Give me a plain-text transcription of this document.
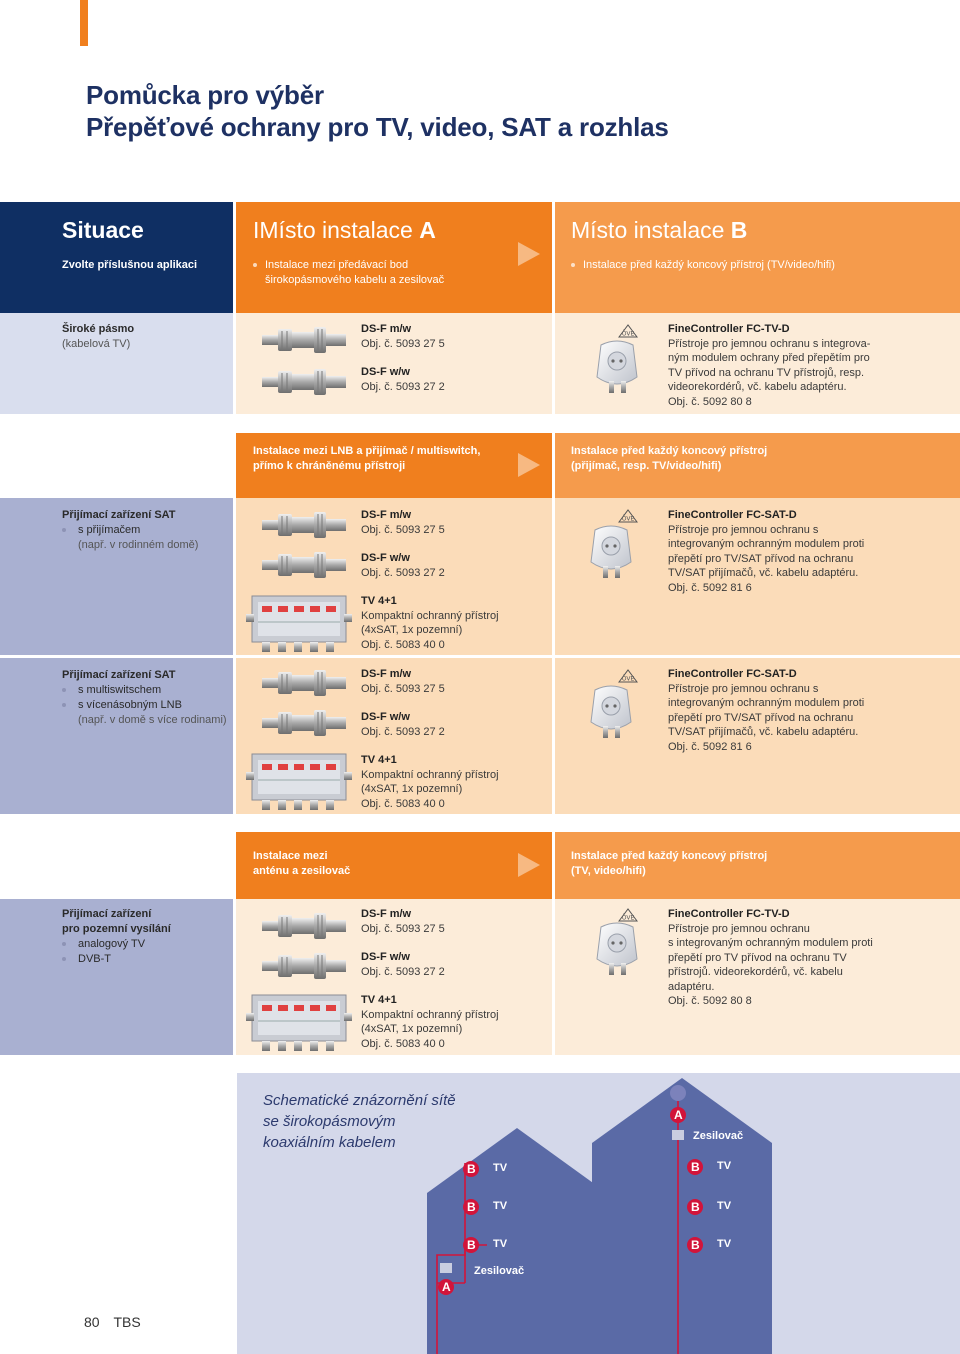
Pomůcka pro výběr
Přepěťové ochrany pro TV, video, SAT a rozhlas
Situace
Zvolte příslušnou aplikaci
IMísto instalace A
Instalace mezi předávací bod
širokopásmového kabelu a zesilovač
Místo instalace B
Instalace před každý koncový přístroj (TV/video/hifi)
Široké pásmo
(kabelová TV)
DS-F m/w
Obj. č. 5093 27 5
DS-F w/w
Obj. č. 5093 27 2
FineController FC-TV-D
Přístroje pro jemnou ochranu s integrova-
ným modulem ochrany před přepětím pro
TV přívod na ochranu TV přístrojů, resp.
videorekordérů, vč. kabelu adaptéru.
Obj. č. 5092 80 8
Instalace mezi LNB a přijímač / multiswitch,
přímo k chráněnému přístroji
Instalace před každý koncový přístroj
(přijímač, resp. TV/video/hifi)
Přijímací zařízení SAT
s přijímačem
(např. v rodinném domě)
DS-F m/w
Obj. č. 5093 27 5
DS-F w/w
Obj. č. 5093 27 2
TV 4+1
Kompaktní ochranný přístroj
(4xSAT, 1x pozemní)
Obj. č. 5083 40 0
FineController FC-SAT-D
Přístroje pro jemnou ochranu s
integrovaným ochranným modulem proti
přepětí pro TV/SAT přívod na ochranu
TV/SAT přijímačů, vč. kabelu adaptéru.
Obj. č. 5092 81 6
Přijímací zařízení SAT
s multiswitschem
s vícenásobným LNB
(např. v domě s více rodinami)
DS-F m/w
Obj. č. 5093 27 5
DS-F w/w
Obj. č. 5093 27 2
TV 4+1
Kompaktní ochranný přístroj
(4xSAT, 1x pozemní)
Obj. č. 5083 40 0
FineController FC-SAT-D
Přístroje pro jemnou ochranu s
integrovaným ochranným modulem proti
přepětí pro TV/SAT přívod na ochranu
TV/SAT přijímačů, vč. kabelu adaptéru.
Obj. č. 5092 81 6
Instalace mezi
anténu a zesilovač
Instalace před každý koncový přístroj
(TV, video/hifi)
Přijímací zařízení
pro pozemní vysílání
analogový TV
DVB-T
DS-F m/w
Obj. č. 5093 27 5
DS-F w/w
Obj. č. 5093 27 2
TV 4+1
Kompaktní ochranný přístroj
(4xSAT, 1x pozemní)
Obj. č. 5083 40 0
FineController FC-TV-D
Přístroje pro jemnou ochranu
s integrovaným ochranným modulem proti
přepětí pro TV přívod na ochranu TV
přístrojů. videorekordérů, vč. kabelu
adaptéru.
Obj. č. 5092 80 8
Schematické znázornění sítě
se širokopásmovým
koaxiálním kabelem
B TV
B TV
B TV
A
Zesilovač
A
Zesilovač
B TV
B TV
B TV
80 TBS
